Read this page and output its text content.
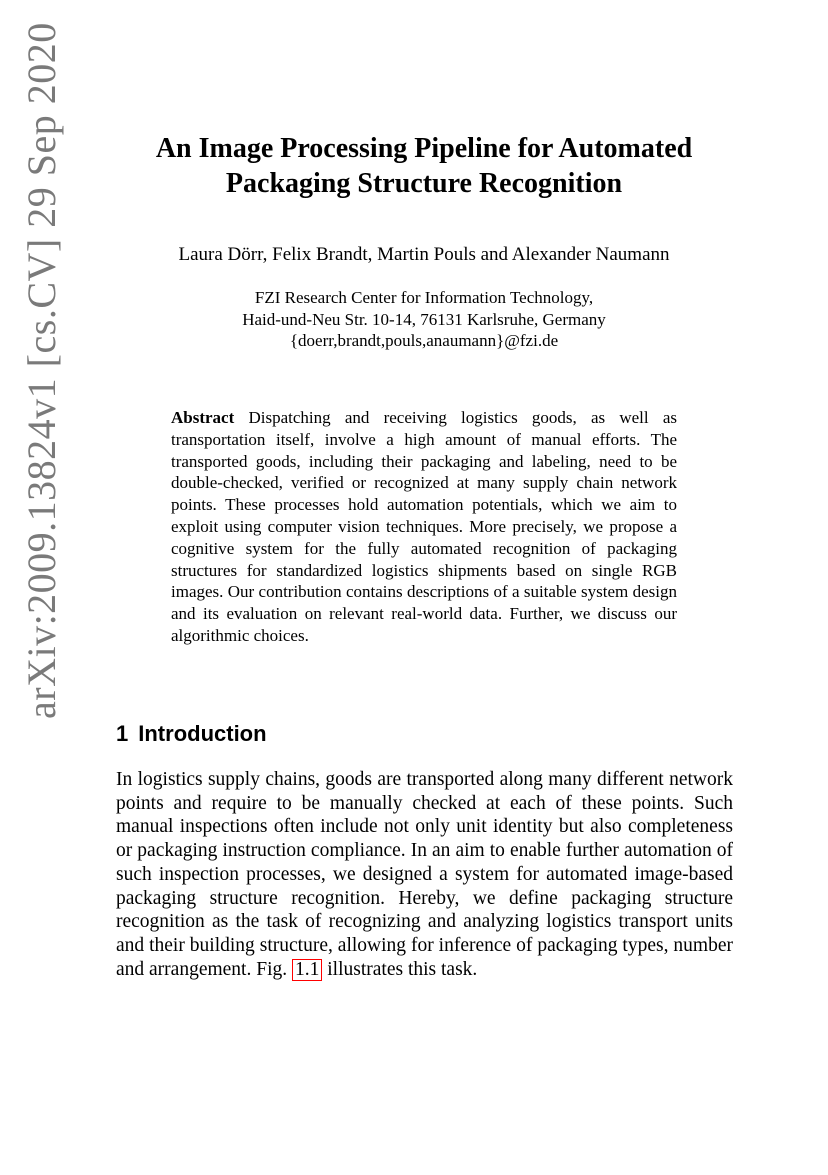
arXiv:2009.13824v1 [cs.CV] 29 Sep 2020	An Image Processing Pipeline for Automated
Packaging Structure Recognition
Laura Dörr, Felix Brandt, Martin Pouls and Alexander Naumann
FZI Research Center for Information Technology,
Haid-und-Neu Str. 10-14, 76131 Karlsruhe, Germany
{doerr,brandt,pouls,anaumann}@fzi.de

Abstract Dispatching and receiving logistics goods, as well as transportation itself, involve a high amount of manual efforts. The transported goods, including their packaging and labeling, need to be double-checked, verified or recognized at many supply chain network points. These processes hold automation potentials, which we aim to exploit using computer vision techniques. More precisely, we propose a cognitive system for the fully automated recognition of packaging structures for standardized logistics shipments based on single RGB images. Our contribution contains descriptions of a suitable system design and its evaluation on relevant real-world data. Further, we discuss our algorithmic choices.

1 Introduction

In logistics supply chains, goods are transported along many different network points and require to be manually checked at each of these points. Such manual inspections often include not only unit identity but also completeness or packaging instruction compliance. In an aim to enable further automation of such inspection processes, we designed a system for automated image-based packaging structure recognition. Hereby, we define packaging structure recognition as the task of recognizing and analyzing logistics transport units and their building structure, allowing for inference of packaging types, number and arrangement. Fig. 1.1 illustrates this task.
